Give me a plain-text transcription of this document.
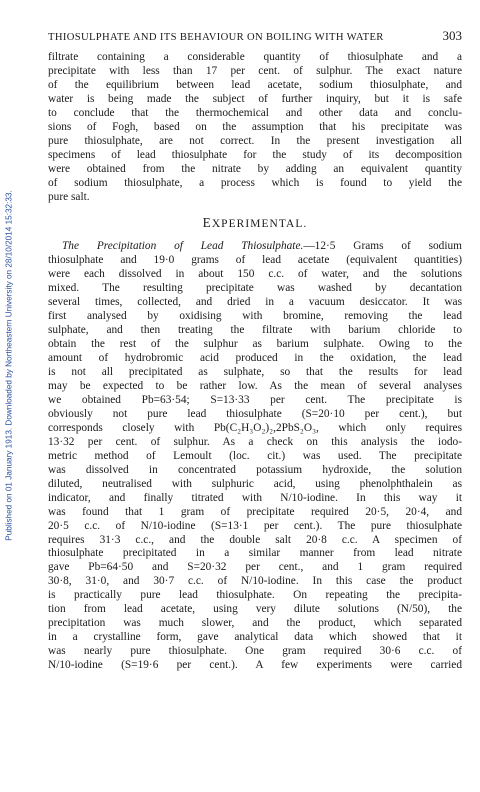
Published on 01 January 1913. Downloaded by Northeastern University on 28/10/2014 15:32:33.
THIOSULPHATE AND ITS BEHAVIOUR ON BOILING WITH WATER	303
filtrate containing a considerable quantity of thiosulphate and a
precipitate with less than 17 per cent. of sulphur. The exact nature
of the equilibrium between lead acetate, sodium thiosulphate, and
water is being made the subject of further inquiry, but it is safe
to conclude that the thermochemical and other data and conclu-
sions of Fogh, based on the assumption that his precipitate was
pure thiosulphate, are not correct. In the present investigation all
specimens of lead thiosulphate for the study of its decomposition
were obtained from the nitrate by adding an equivalent quantity
of sodium thiosulphate, a process which is found to yield the
pure salt.
EXPERIMENTAL.
The Precipitation of Lead Thiosulphate.—12·5 Grams of sodium
thiosulphate and 19·0 grams of lead acetate (equivalent quantities)
were each dissolved in about 150 c.c. of water, and the solutions
mixed. The resulting precipitate was washed by decantation
several times, collected, and dried in a vacuum desiccator. It was
first analysed by oxidising with bromine, removing the lead
sulphate, and then treating the filtrate with barium chloride to
obtain the rest of the sulphur as barium sulphate. Owing to the
amount of hydrobromic acid produced in the oxidation, the lead
is not all precipitated as sulphate, so that the results for lead
may be expected to be rather low. As the mean of several analyses
we obtained Pb=63·54; S=13·33 per cent. The precipitate is
obviously not pure lead thiosulphate (S=20·10 per cent.), but
corresponds closely with Pb(C₂H₃O₂)₂,2PbS₂O₃, which only requires
13·32 per cent. of sulphur. As a check on this analysis the iodo-
metric method of Lemoult (loc. cit.) was used. The precipitate
was dissolved in concentrated potassium hydroxide, the solution
diluted, neutralised with sulphuric acid, using phenolphthalein as
indicator, and finally titrated with N/10-iodine. In this way it
was found that 1 gram of precipitate required 20·5, 20·4, and
20·5 c.c. of N/10-iodine (S=13·1 per cent.). The pure thiosulphate
requires 31·3 c.c., and the double salt 20·8 c.c. A specimen of
thiosulphate precipitated in a similar manner from lead nitrate
gave Pb=64·50 and S=20·32 per cent., and 1 gram required
30·8, 31·0, and 30·7 c.c. of N/10-iodine. In this case the product
is practically pure lead thiosulphate. On repeating the precipita-
tion from lead acetate, using very dilute solutions (N/50), the
precipitation was much slower, and the product, which separated
in a crystalline form, gave analytical data which showed that it
was nearly pure thiosulphate. One gram required 30·6 c.c. of
N/10-iodine (S=19·6 per cent.). A few experiments were carried
